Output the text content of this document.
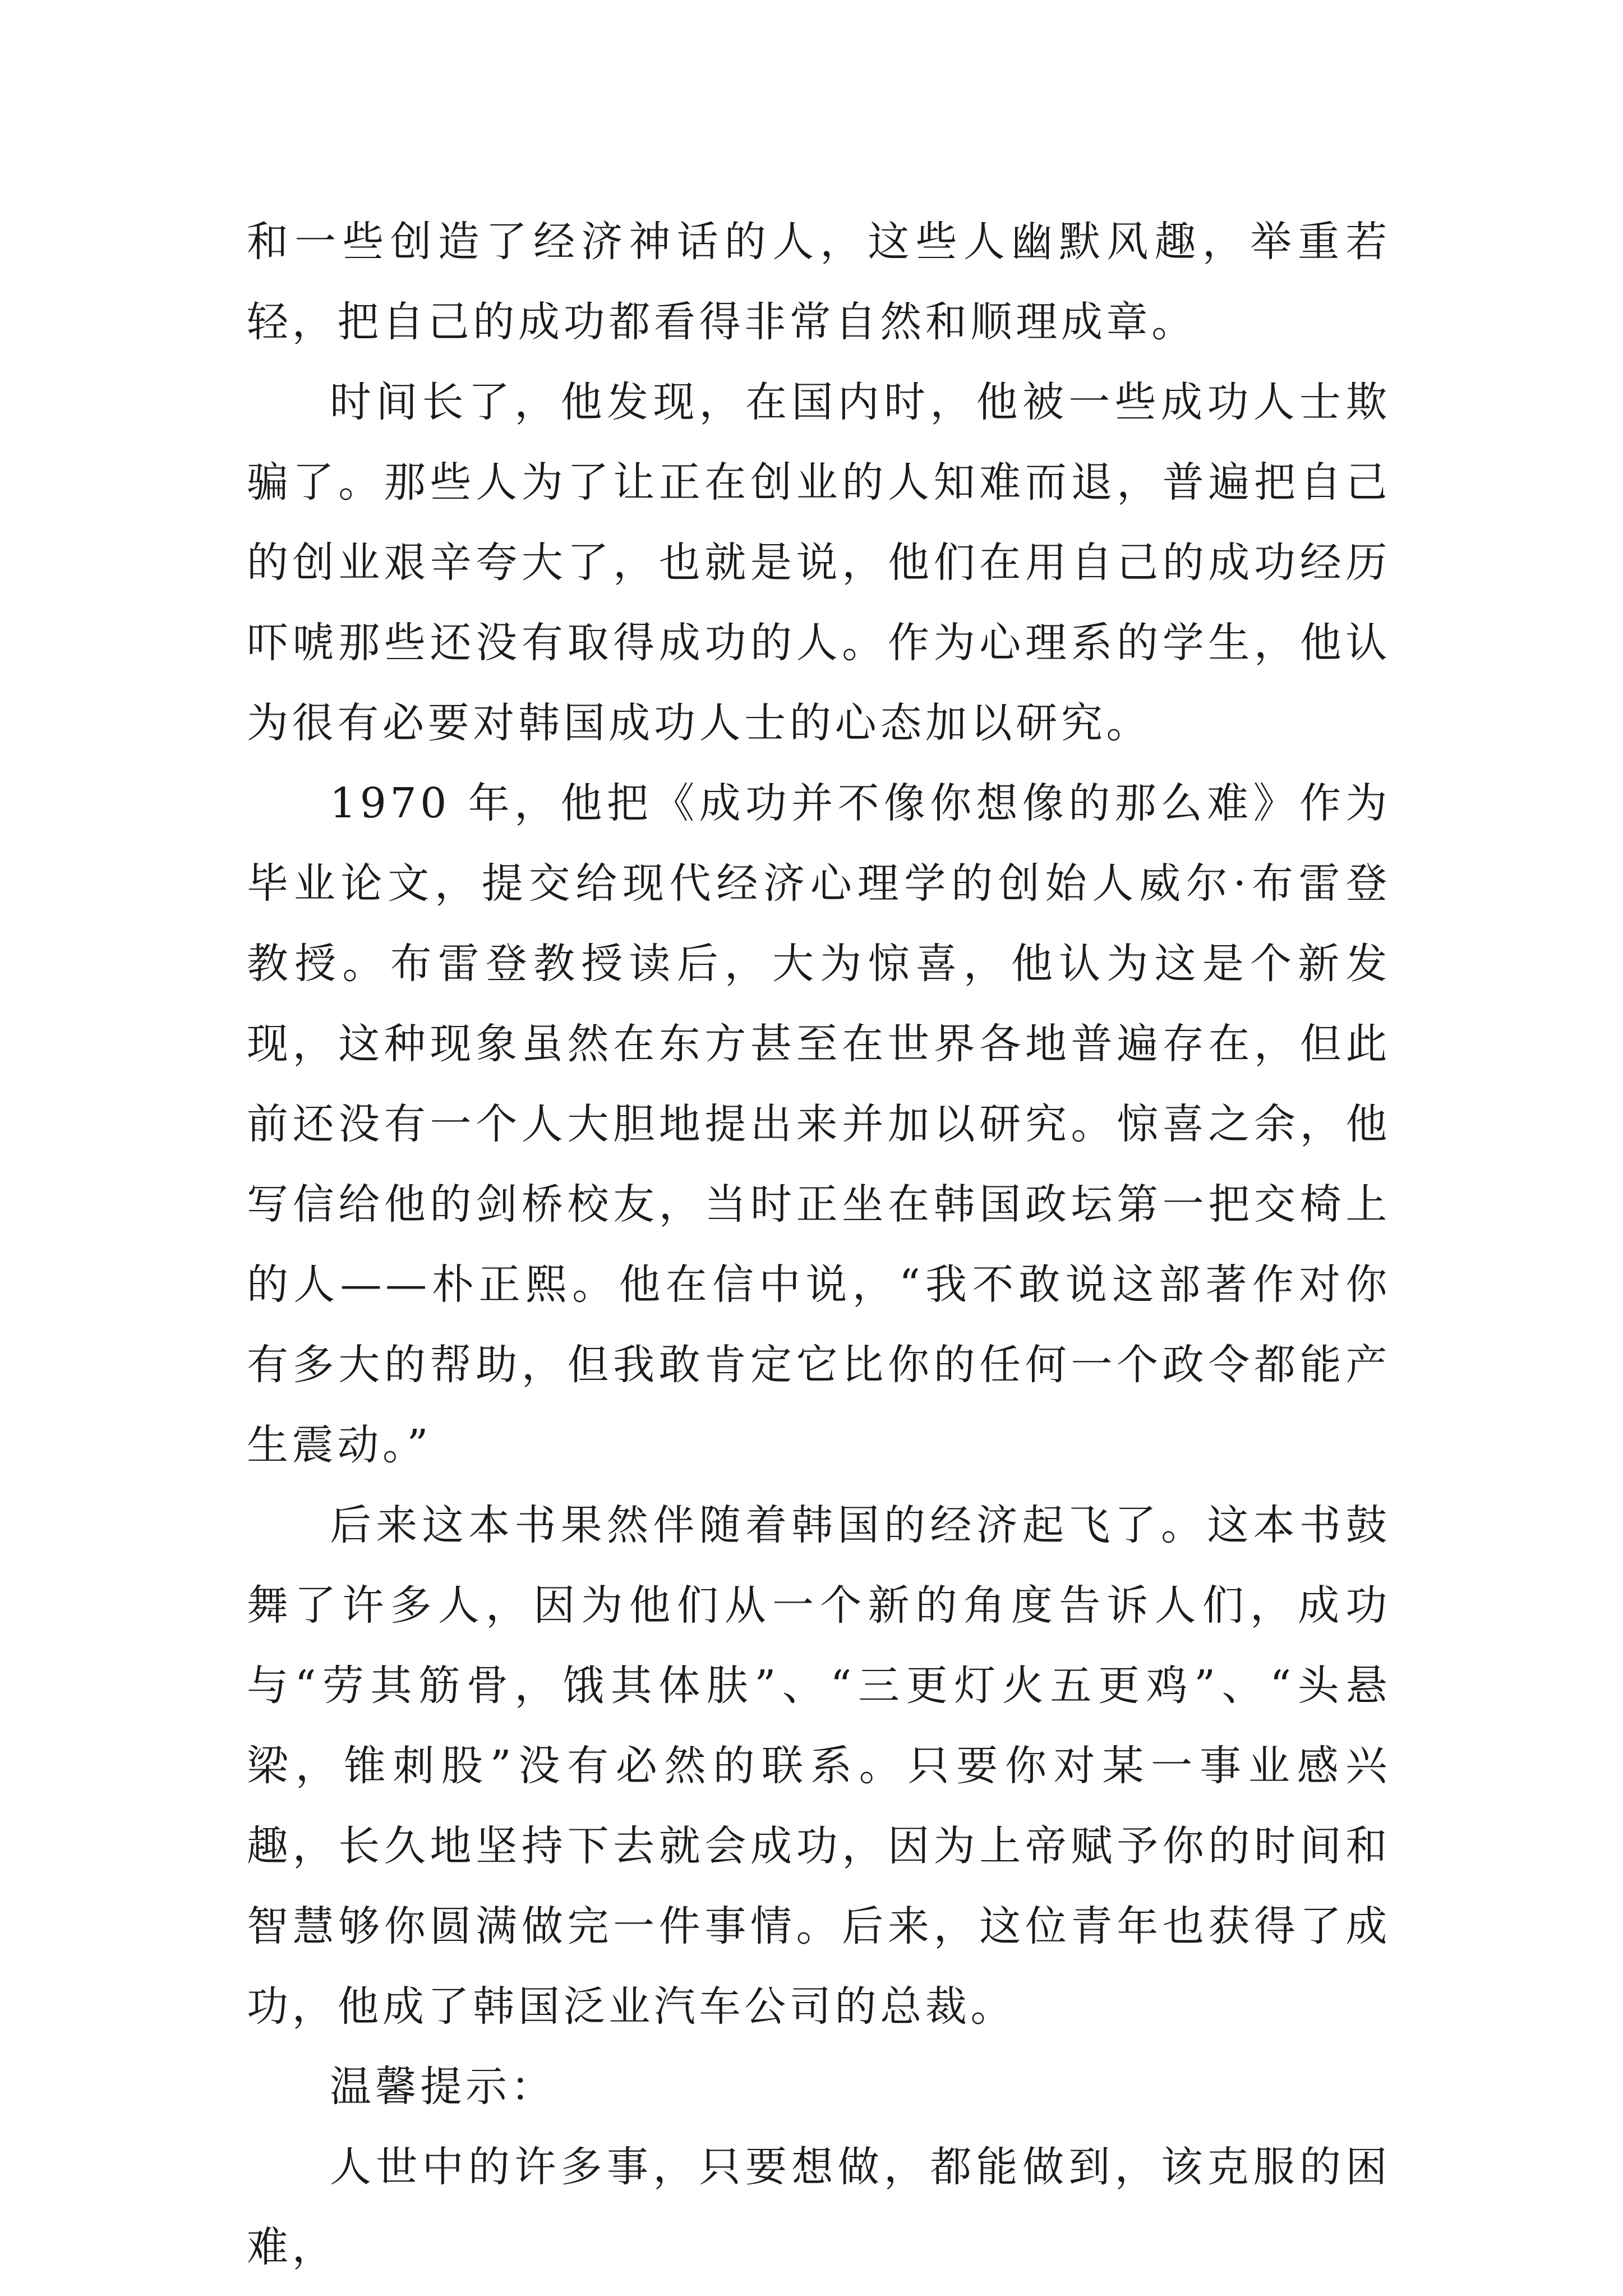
和一些创造了经济神话的人，这些人幽默风趣，举重若轻，把自己的成功都看得非常自然和顺理成章。

时间长了，他发现，在国内时，他被一些成功人士欺骗了。那些人为了让正在创业的人知难而退，普遍把自己的创业艰辛夸大了，也就是说，他们在用自己的成功经历吓唬那些还没有取得成功的人。作为心理系的学生，他认为很有必要对韩国成功人士的心态加以研究。

1970 年，他把《成功并不像你想像的那么难》作为毕业论文，提交给现代经济心理学的创始人威尔·布雷登教授。布雷登教授读后，大为惊喜，他认为这是个新发现，这种现象虽然在东方甚至在世界各地普遍存在，但此前还没有一个人大胆地提出来并加以研究。惊喜之余，他写信给他的剑桥校友，当时正坐在韩国政坛第一把交椅上的人——朴正熙。他在信中说，“我不敢说这部著作对你有多大的帮助，但我敢肯定它比你的任何一个政令都能产生震动。”

后来这本书果然伴随着韩国的经济起飞了。这本书鼓舞了许多人，因为他们从一个新的角度告诉人们，成功与“劳其筋骨，饿其体肤”、“三更灯火五更鸡”、“头悬梁，锥刺股”没有必然的联系。只要你对某一事业感兴趣，长久地坚持下去就会成功，因为上帝赋予你的时间和智慧够你圆满做完一件事情。后来，这位青年也获得了成功，他成了韩国泛业汽车公司的总裁。

温馨提示：

人世中的许多事，只要想做，都能做到，该克服的困难，
